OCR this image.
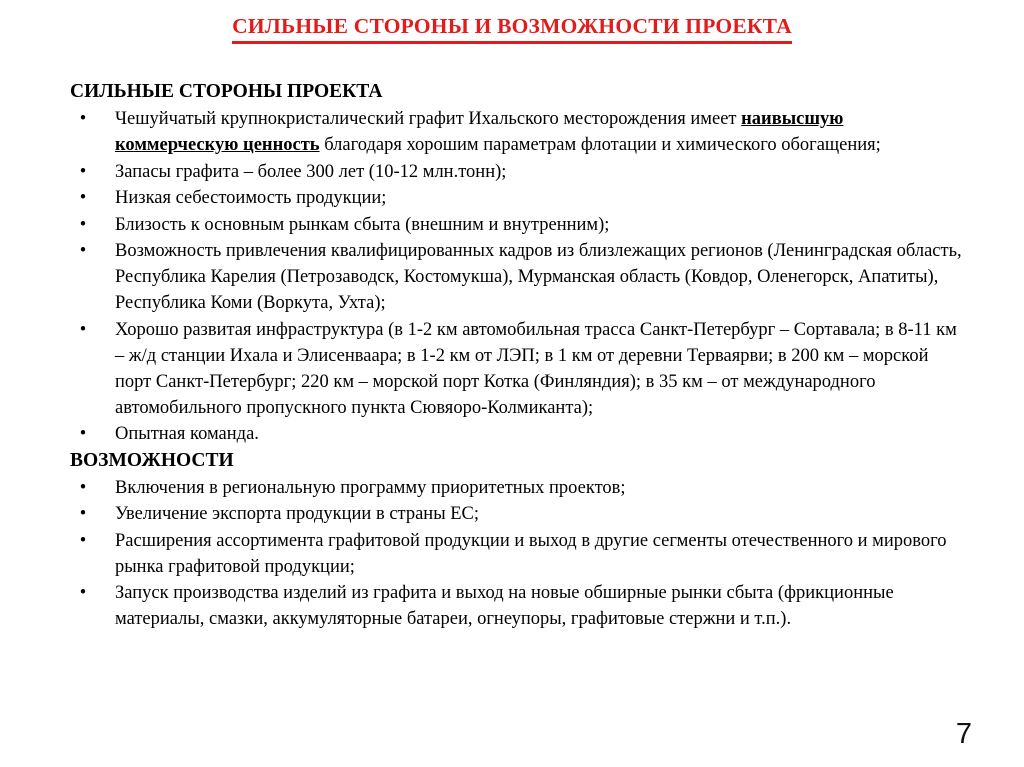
СИЛЬНЫЕ СТОРОНЫ И ВОЗМОЖНОСТИ ПРОЕКТА
СИЛЬНЫЕ СТОРОНЫ ПРОЕКТА
• Чешуйчатый крупнокристалический графит Ихальского месторождения имеет наивысшую коммерческую ценность благодаря хорошим параметрам флотации и химического обогащения;
• Запасы графита – более 300 лет (10-12 млн.тонн);
• Низкая себестоимость продукции;
• Близость к основным рынкам сбыта (внешним и внутренним);
• Возможность привлечения квалифицированных кадров из близлежащих регионов (Ленинградская область, Республика Карелия (Петрозаводск, Костомукша), Мурманская область (Ковдор, Оленегорск, Апатиты), Республика Коми (Воркута, Ухта);
• Хорошо развитая инфраструктура (в 1-2 км автомобильная трасса Санкт-Петербург – Сортавала; в 8-11 км – ж/д станции Ихала и Элисенваара; в 1-2 км от ЛЭП; в 1 км от деревни Терваярви; в 200 км – морской порт Санкт-Петербург; 220 км – морской порт Котка (Финляндия); в 35 км – от международного автомобильного пропускного пункта Сювяоро-Колмиканта);
• Опытная команда.
ВОЗМОЖНОСТИ
• Включения в региональную программу приоритетных проектов;
• Увеличение экспорта продукции в страны ЕС;
• Расширения ассортимента графитовой продукции и выход в другие сегменты отечественного и мирового рынка графитовой продукции;
• Запуск производства изделий из графита и выход на новые обширные рынки сбыта (фрикционные материалы, смазки, аккумуляторные батареи, огнеупоры, графитовые стержни и т.п.).
7
